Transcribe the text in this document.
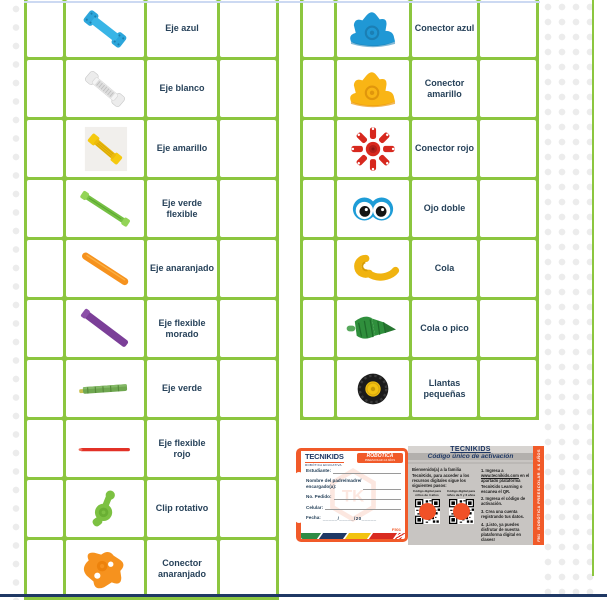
Eje azul
Eje blanco
Eje amarillo
Eje verde flexible
Eje anaranjado
Eje flexible morado
Eje verde
Eje flexible rojo
Clip rotativo
Conector anaranjado
Conector azul
Conector amarillo
Conector rojo
Ojo doble
Cola
Cola o pico
Llantas pequeñas
TECNIKIDS
ROBÓTICA EDUCATIVA
ROBÓTICA
PREESCOLAR 4-6 AÑOS
TK
Estudiante:
Nombre del padre/madre/
encargado(a):
No. Pedido:
Celular:
Fecha: _____/_____/20_____
F501
TECNIKIDS
Código único de activación
Bienvenido(a) a la familia TecniKids, para acceder a los recursos digitales sigue los siguientes pasos:
Código digital para niños de 4 años
Código digital para niños de 5 y 6 años
1. Ingresa a www.tecnikids.com en el apartado plataforma TecniKids Learning o escanea el QR.
2. Ingresa el código de activación.
3. Crea una cuenta registrando tus datos.
4. ¡Listo, ya puedes disfrutar de nuestra plataforma digital en clases!
ROBÓTICA PREESCOLAR 4-6 AÑOS
F501
